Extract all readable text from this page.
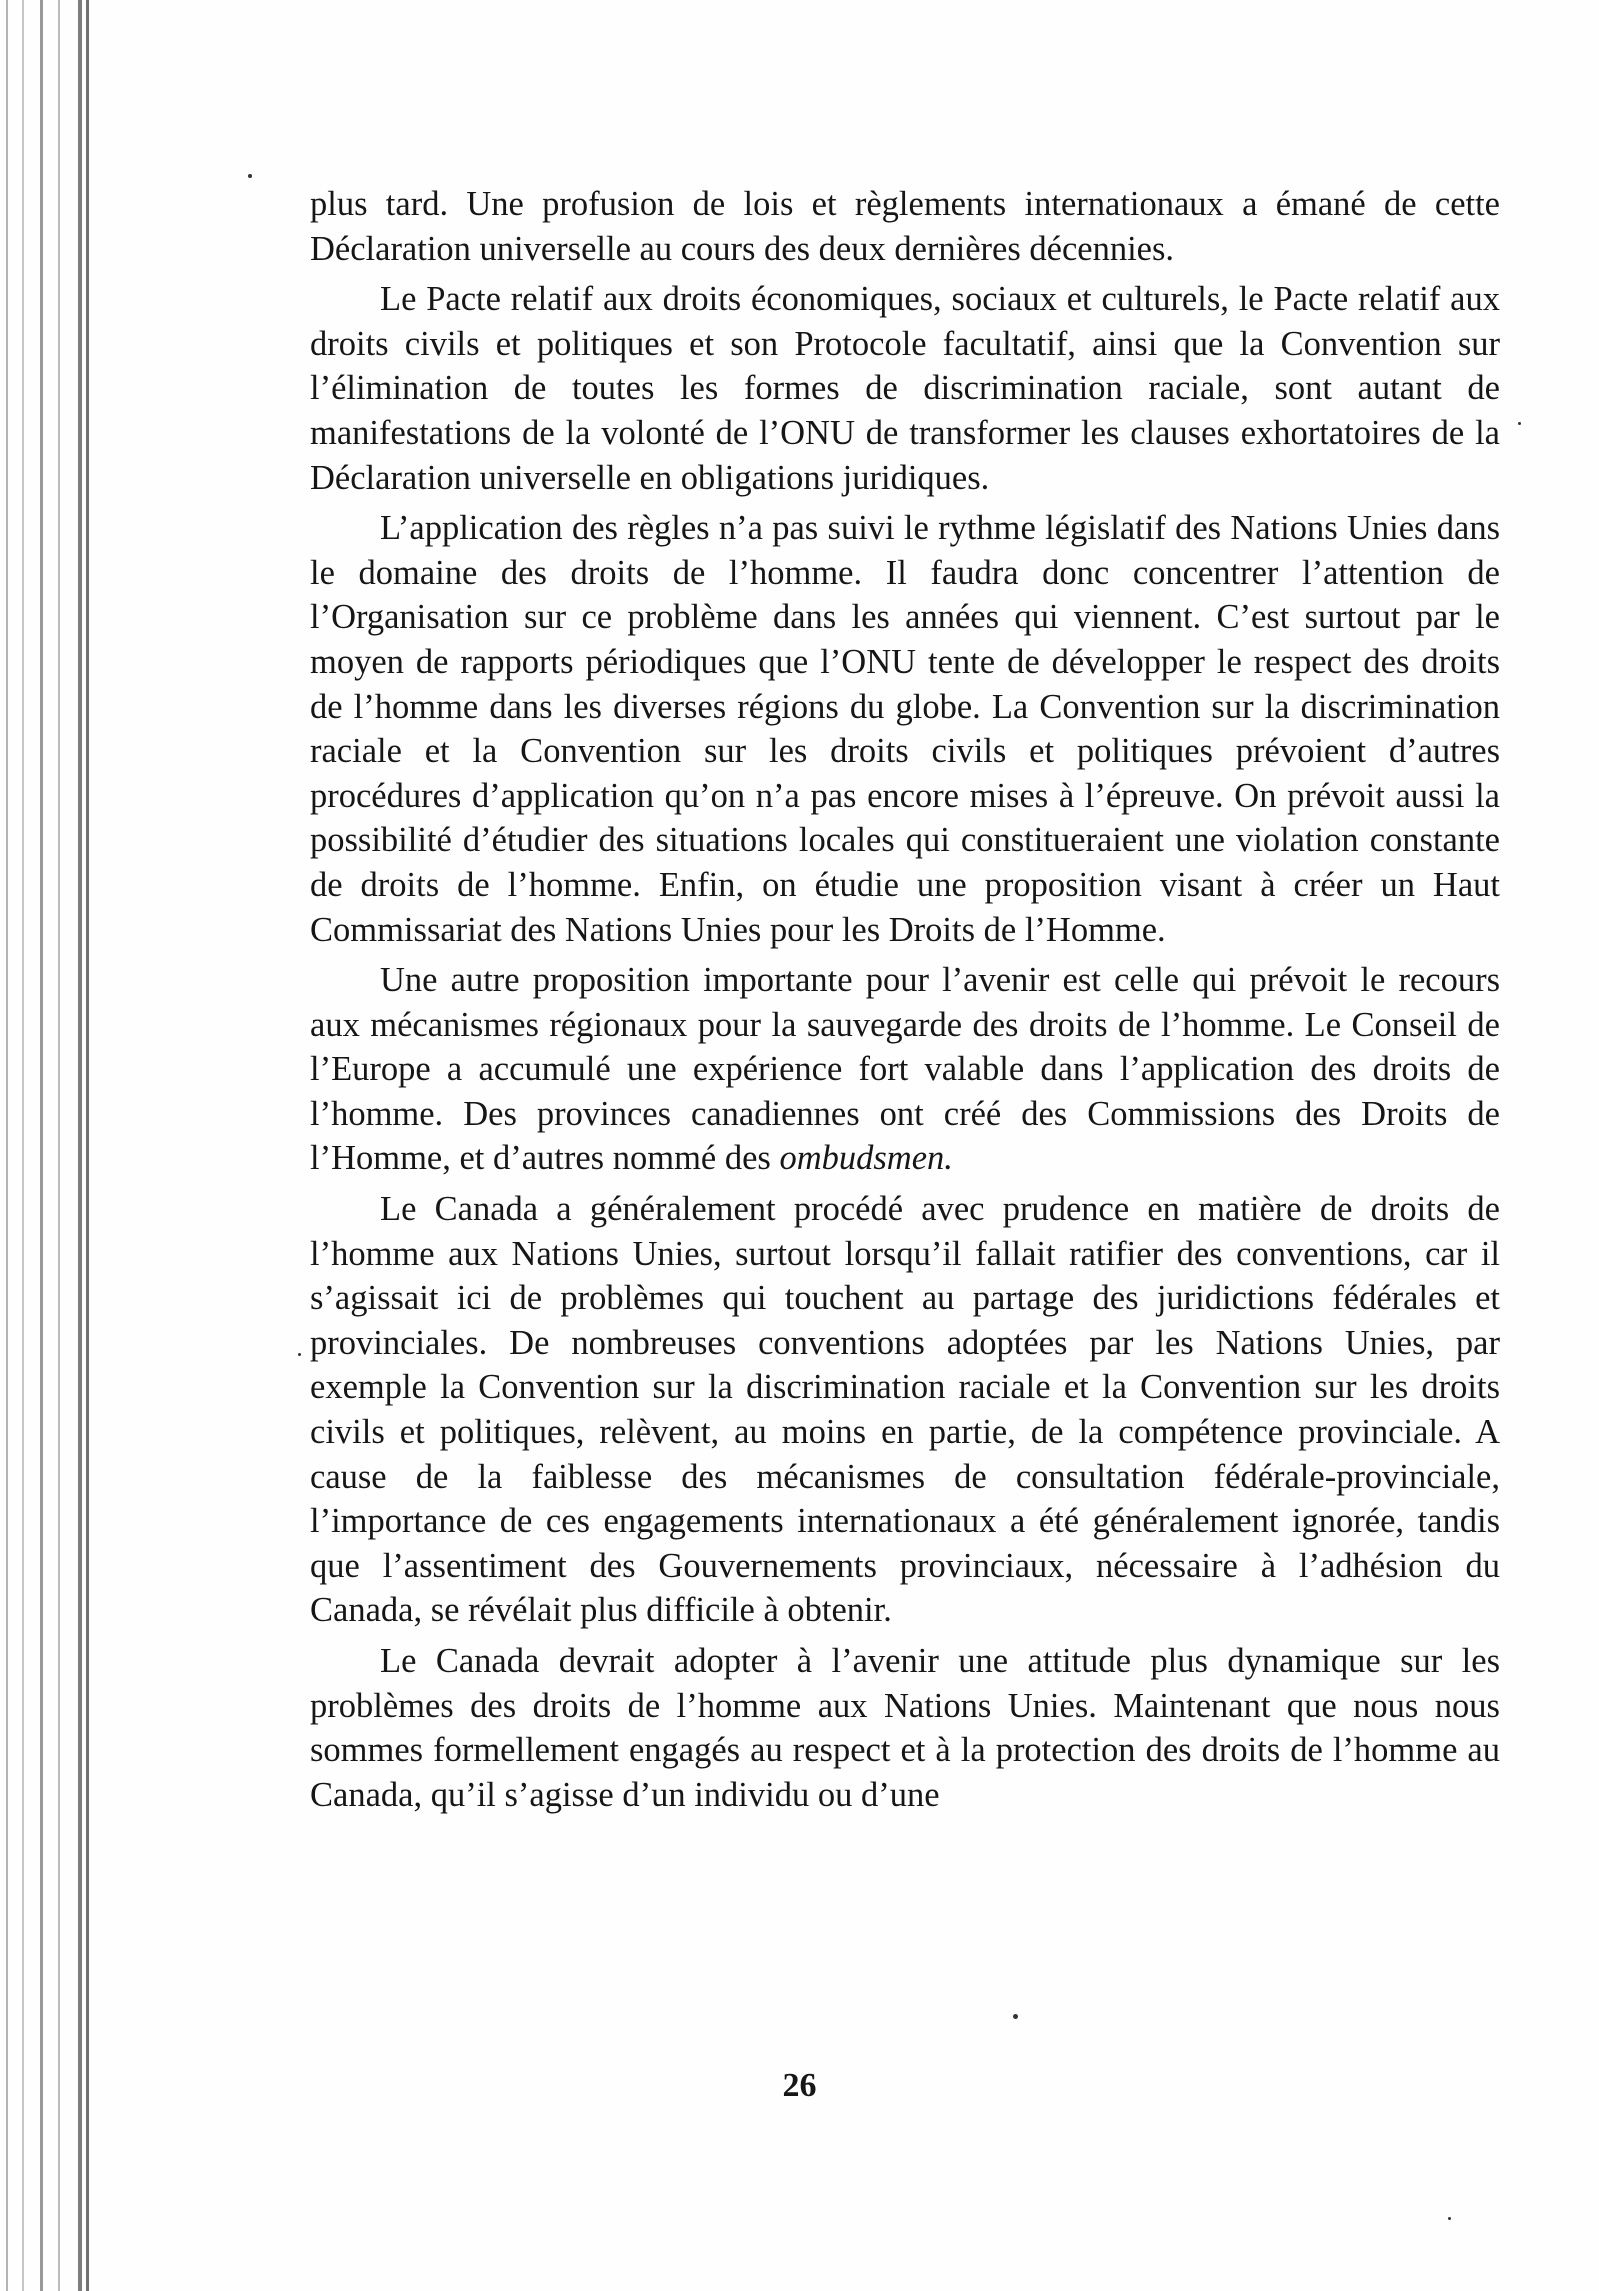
plus tard. Une profusion de lois et règlements internationaux a émané de cette Déclaration universelle au cours des deux dernières décennies.

Le Pacte relatif aux droits économiques, sociaux et culturels, le Pacte relatif aux droits civils et politiques et son Protocole facultatif, ainsi que la Convention sur l’élimination de toutes les formes de discrimination raciale, sont autant de manifestations de la volonté de l’ONU de transformer les clauses exhortatoires de la Déclaration universelle en obligations juridiques.

L’application des règles n’a pas suivi le rythme législatif des Nations Unies dans le domaine des droits de l’homme. Il faudra donc concentrer l’attention de l’Organisation sur ce problème dans les années qui viennent. C’est surtout par le moyen de rapports périodiques que l’ONU tente de développer le respect des droits de l’homme dans les diverses régions du globe. La Convention sur la discrimination raciale et la Convention sur les droits civils et politiques prévoient d’autres procédures d’application qu’on n’a pas encore mises à l’épreuve. On prévoit aussi la possibilité d’étudier des situations locales qui constitueraient une violation constante de droits de l’homme. Enfin, on étudie une proposition visant à créer un Haut Commissariat des Nations Unies pour les Droits de l’Homme.

Une autre proposition importante pour l’avenir est celle qui prévoit le recours aux mécanismes régionaux pour la sauvegarde des droits de l’homme. Le Conseil de l’Europe a accumulé une expérience fort valable dans l’application des droits de l’homme. Des provinces canadiennes ont créé des Commissions des Droits de l’Homme, et d’autres nommé des ombudsmen.

Le Canada a généralement procédé avec prudence en matière de droits de l’homme aux Nations Unies, surtout lorsqu’il fallait ratifier des conventions, car il s’agissait ici de problèmes qui touchent au partage des juridictions fédérales et provinciales. De nombreuses conventions adoptées par les Nations Unies, par exemple la Convention sur la discrimination raciale et la Convention sur les droits civils et politiques, relèvent, au moins en partie, de la compétence provinciale. A cause de la faiblesse des mécanismes de consultation fédérale-provinciale, l’importance de ces engagements internationaux a été généralement ignorée, tandis que l’assentiment des Gouvernements provinciaux, nécessaire à l’adhésion du Canada, se révélait plus difficile à obtenir.

Le Canada devrait adopter à l’avenir une attitude plus dynamique sur les problèmes des droits de l’homme aux Nations Unies. Maintenant que nous nous sommes formellement engagés au respect et à la protection des droits de l’homme au Canada, qu’il s’agisse d’un individu ou d’une

26
